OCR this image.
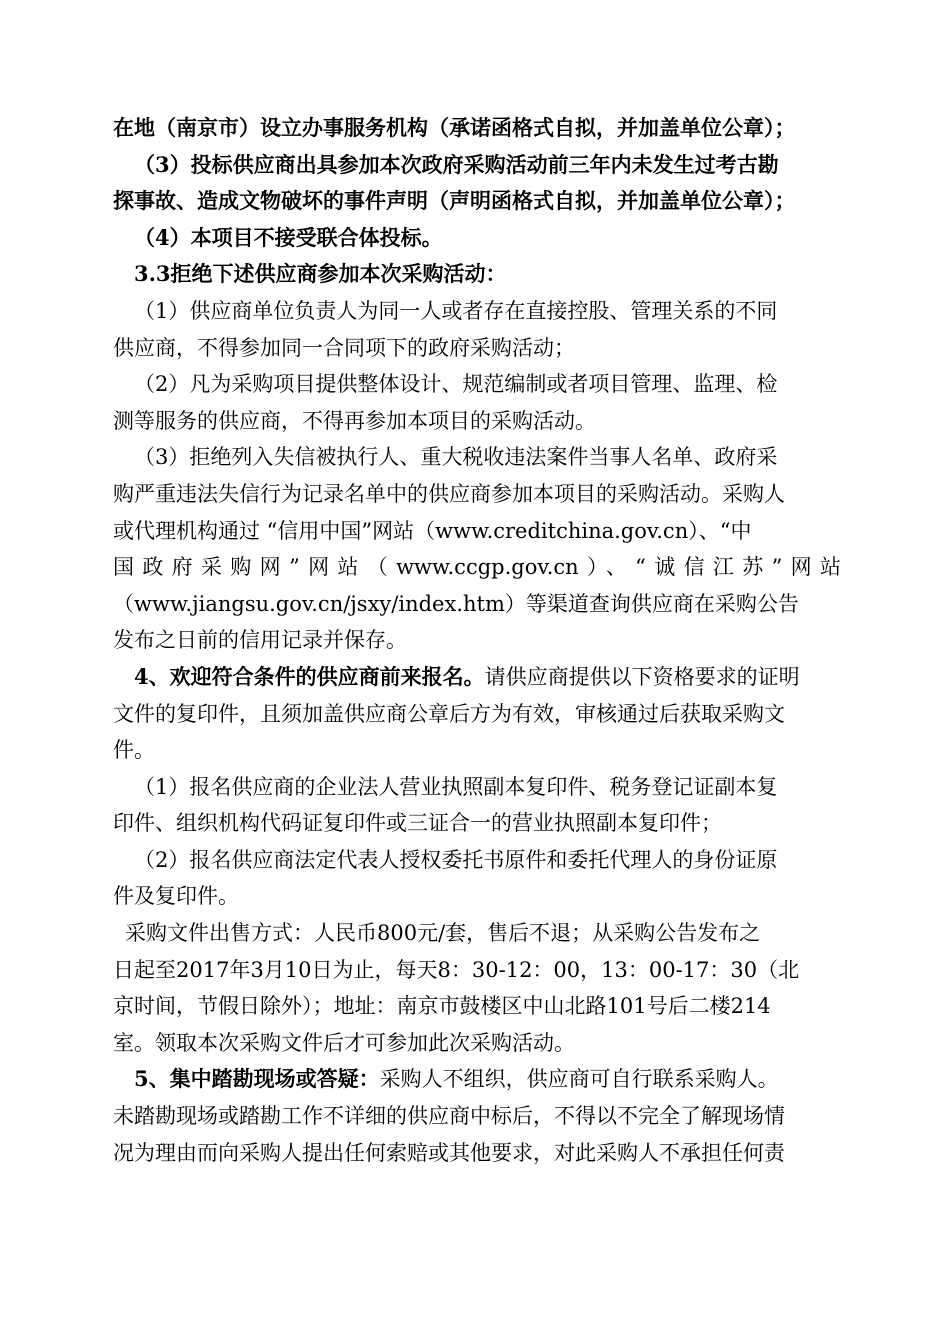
在地（南京市）设立办事服务机构（承诺函格式自拟，并加盖单位公章）；
（3）投标供应商出具参加本次政府采购活动前三年内未发生过考古勘
探事故、造成文物破坏的事件声明（声明函格式自拟，并加盖单位公章）；
（4）本项目不接受联合体投标。
3.3拒绝下述供应商参加本次采购活动：
（1）供应商单位负责人为同一人或者存在直接控股、管理关系的不同
供应商，不得参加同一合同项下的政府采购活动；
（2）凡为采购项目提供整体设计、规范编制或者项目管理、监理、检
测等服务的供应商，不得再参加本项目的采购活动。
（3）拒绝列入失信被执行人、重大税收违法案件当事人名单、政府采
购严重违法失信行为记录名单中的供应商参加本项目的采购活动。采购人
或代理机构通过 “信用中国”网站（www.creditchina.gov.cn）、“中
国政府采购网”网站（www.ccgp.gov.cn）、“诚信江苏”网站
（www.jiangsu.gov.cn/jsxy/index.htm）等渠道查询供应商在采购公告
发布之日前的信用记录并保存。
4、欢迎符合条件的供应商前来报名。请供应商提供以下资格要求的证明
文件的复印件，且须加盖供应商公章后方为有效，审核通过后获取采购文
件。
（1）报名供应商的企业法人营业执照副本复印件、税务登记证副本复
印件、组织机构代码证复印件或三证合一的营业执照副本复印件；
（2）报名供应商法定代表人授权委托书原件和委托代理人的身份证原
件及复印件。
采购文件出售方式：人民币800元/套，售后不退；从采购公告发布之
日起至2017年3月10日为止，每天8：30-12：00，13：00-17：30（北
京时间，节假日除外）；地址：南京市鼓楼区中山北路101号后二楼214
室。领取本次采购文件后才可参加此次采购活动。
5、集中踏勘现场或答疑：采购人不组织，供应商可自行联系采购人。
未踏勘现场或踏勘工作不详细的供应商中标后，不得以不完全了解现场情
况为理由而向采购人提出任何索赔或其他要求，对此采购人不承担任何责
